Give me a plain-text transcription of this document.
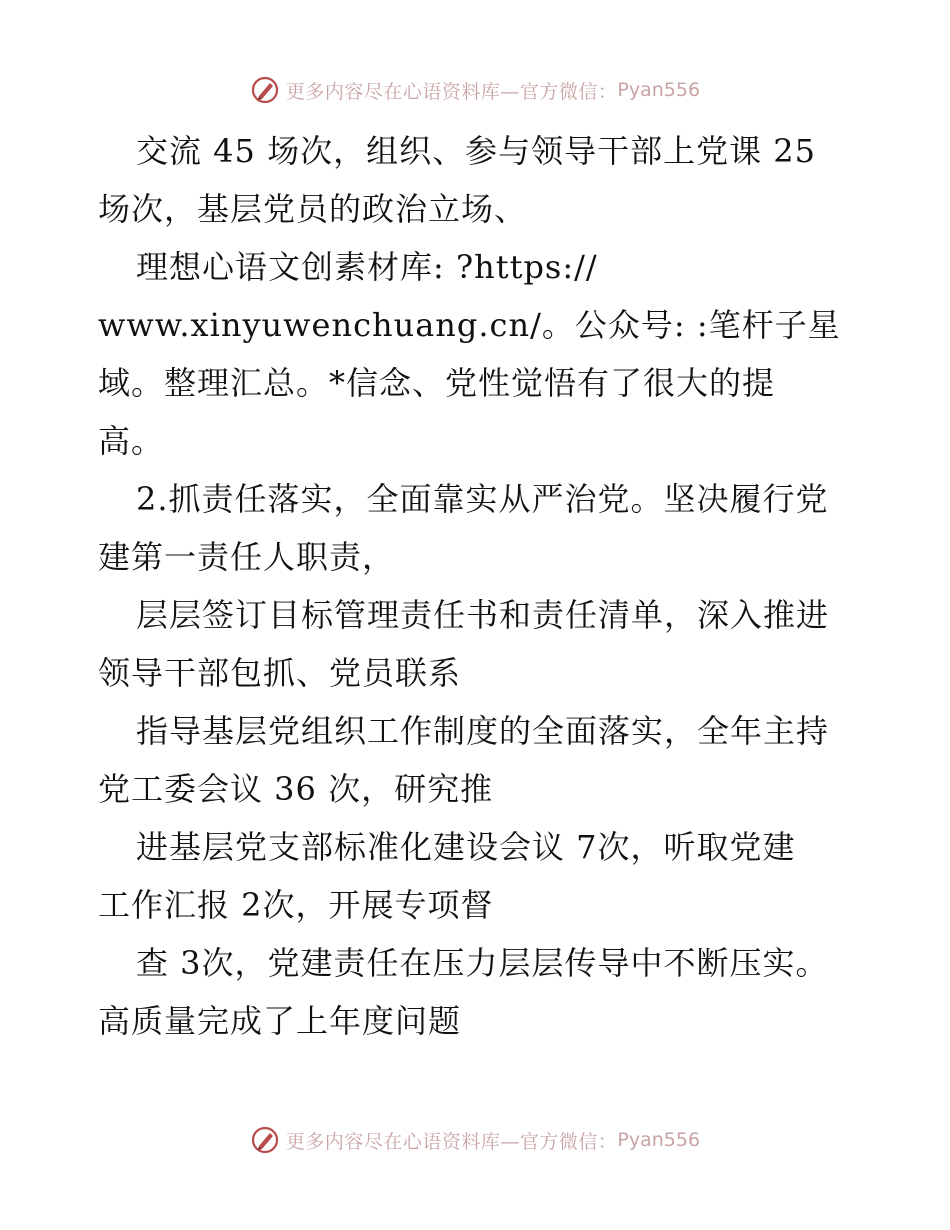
更多内容尽在心语资料库—官方微信： Pyan556
交流 45 场次，组织、参与领导干部上党课 25
场次，基层党员的政治立场、
理想心语文创素材库: ?https://
www.xinyuwenchuang.cn/。公众号: :笔杆子星
域。整理汇总。*信念、党性觉悟有了很大的提
高。
2.抓责任落实，全面靠实从严治党。坚决履行党
建第一责任人职责，
层层签订目标管理责任书和责任清单，深入推进
领导干部包抓、党员联系
指导基层党组织工作制度的全面落实，全年主持
党工委会议 36 次，研究推
进基层党支部标准化建设会议 7次，听取党建
工作汇报 2次，开展专项督
查 3次，党建责任在压力层层传导中不断压实。
高质量完成了上年度问题
更多内容尽在心语资料库—官方微信： Pyan556
